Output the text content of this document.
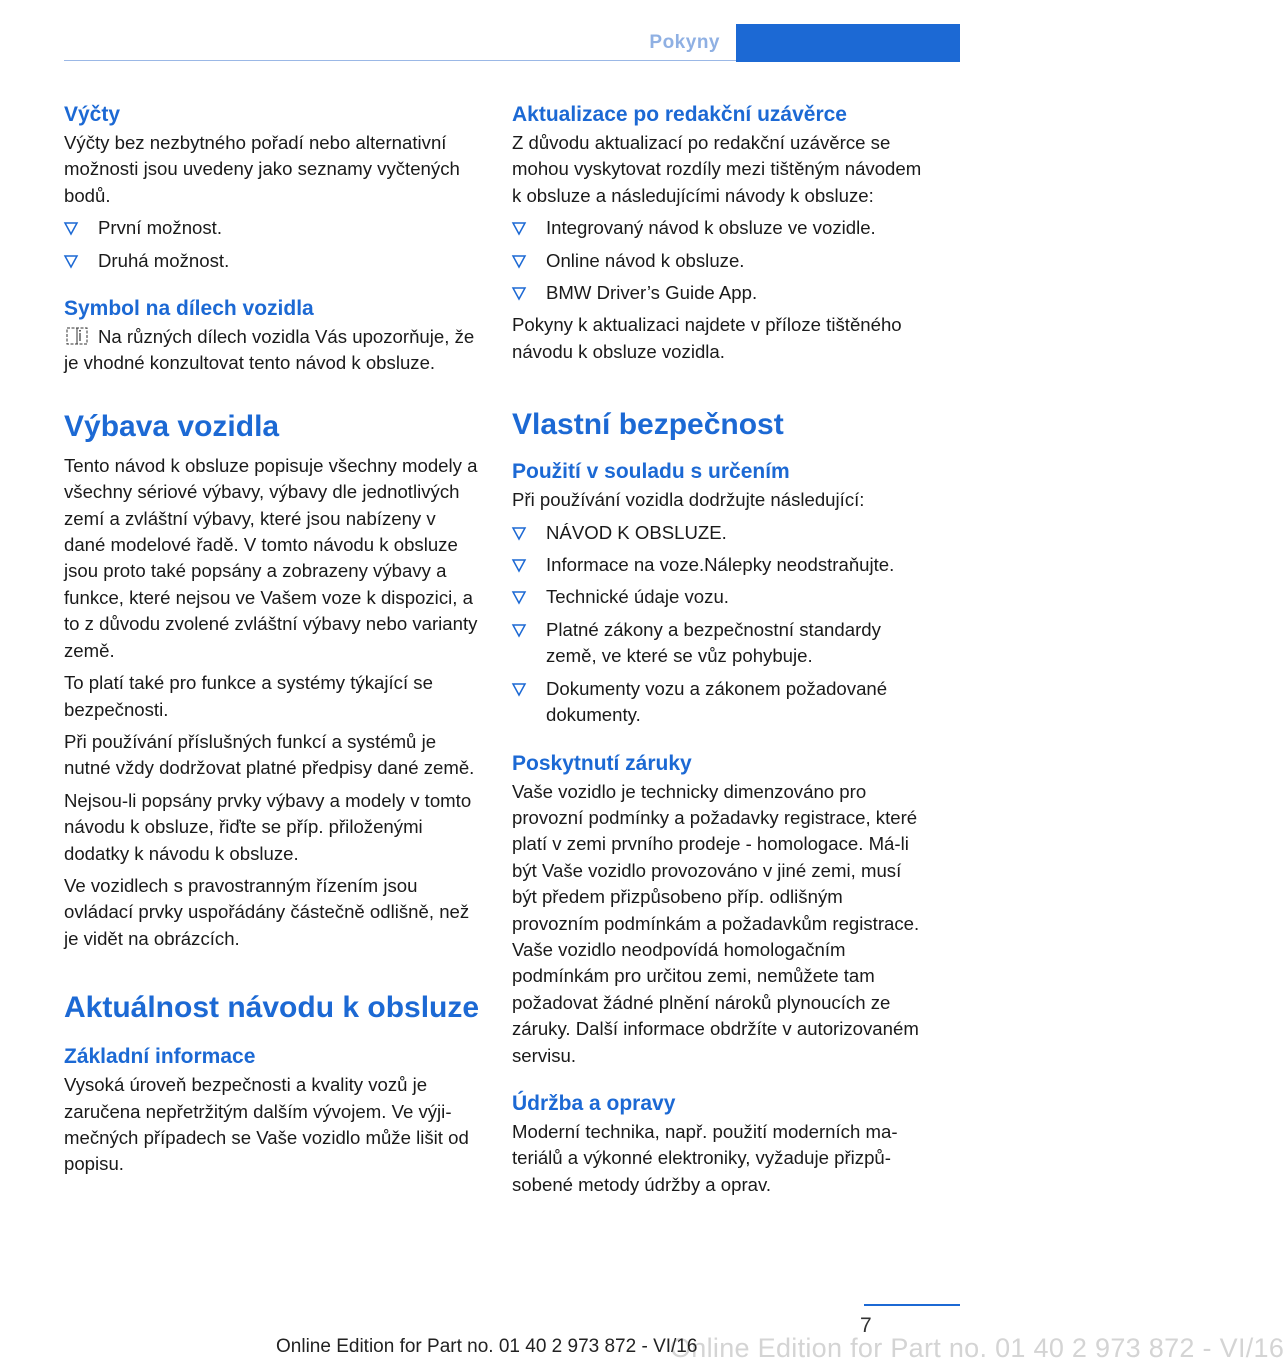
Pokyny
Výčty

Výčty bez nezbytného pořadí nebo alternativní možnosti jsou uvedeny jako seznamy vyčtených bodů.

První možnost.
Druhá možnost.
Symbol na dílech vozidla

Na různých dílech vozidla Vás upozorňuje, že je vhodné konzultovat tento návod k obsluze.

Výbava vozidla

Tento návod k obsluze popisuje všechny modely a všechny sériové výbavy, výbavy dle jednotlivých zemí a zvláštní výbavy, které jsou nabízeny v dané modelové řadě. V tomto návodu k obsluze jsou proto také popsány a zobrazeny výbavy a funkce, které nejsou ve Vašem voze k dispozici, a to z důvodu zvolené zvláštní výbavy nebo varianty země.

To platí také pro funkce a systémy týkající se bezpečnosti.

Při používání příslušných funkcí a systémů je nutné vždy dodržovat platné předpisy dané země.

Nejsou-li popsány prvky výbavy a modely v tomto návodu k obsluze, řiďte se příp. přiloženými dodatky k návodu k obsluze.

Ve vozidlech s pravostranným řízením jsou ovládací prvky uspořádány částečně odlišně, než je vidět na obrázcích.

Aktuálnost návodu k obsluze
Základní informace

Vysoká úroveň bezpečnosti a kvality vozů je zaručena nepřetržitým dalším vývojem. Ve výjimečných případech se Vaše vozidlo může lišit od popisu.

Aktualizace po redakční uzávěrce

Z důvodu aktualizací po redakční uzávěrce se mohou vyskytovat rozdíly mezi tištěným návodem k obsluze a následujícími návody k obsluze:

Integrovaný návod k obsluze ve vozidle.
Online návod k obsluze.
BMW Driver’s Guide App.

Pokyny k aktualizaci najdete v příloze tištěného návodu k obsluze vozidla.

Vlastní bezpečnost
Použití v souladu s určením

Při používání vozidla dodržujte následující:

NÁVOD K OBSLUZE.
Informace na voze.Nálepky neodstraňujte.
Technické údaje vozu.
Platné zákony a bezpečnostní standardy země, ve které se vůz pohybuje.
Dokumenty vozu a zákonem požadované dokumenty.
Poskytnutí záruky

Vaše vozidlo je technicky dimenzováno pro provozní podmínky a požadavky registrace, které platí v zemi prvního prodeje - homologace. Má-li být Vaše vozidlo provozováno v jiné zemi, musí být předem přizpůsobeno příp. odlišným provozním podmínkám a požadavkům registrace. Vaše vozidlo neodpovídá homologačním podmínkám pro určitou zemi, nemůžete tam požadovat žádné plnění nároků plynoucích ze záruky. Další informace obdržíte v autorizovaném servisu.

Údržba a opravy

Moderní technika, např. použití moderních materiálů a výkonné elektroniky, vyžaduje přizpůsobené metody údržby a oprav.

7
Online Edition for Part no. 01 40 2 973 872 - VI/16
Online Edition for Part no. 01 40 2 973 872 - VI/16
